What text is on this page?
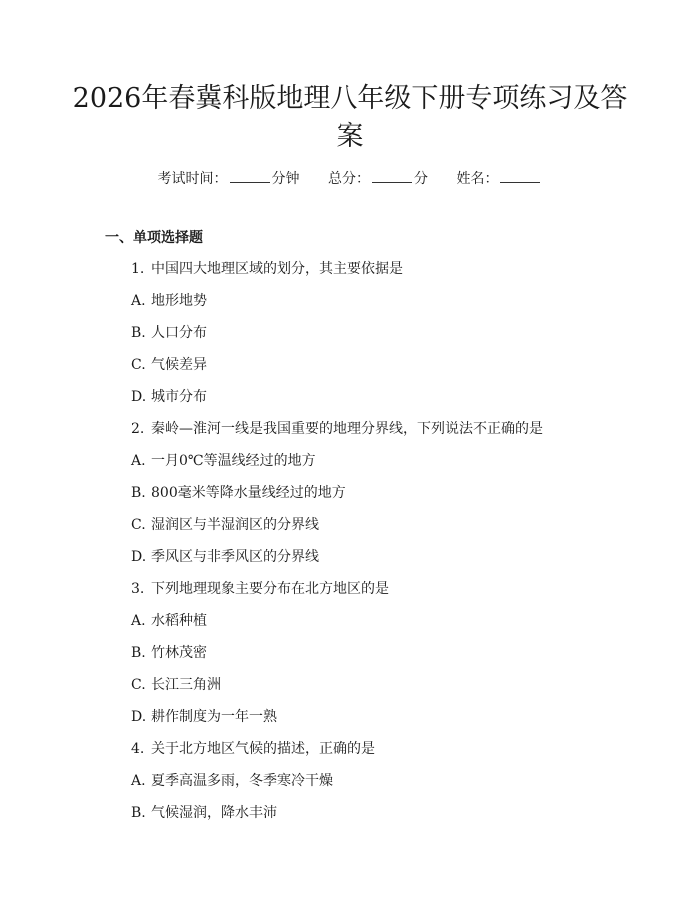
2026年春冀科版地理八年级下册专项练习及答案
考试时间：	分钟 总分：	分 姓名：
一、单项选择题
1. 中国四大地理区域的划分，其主要依据是
A. 地形地势
B. 人口分布
C. 气候差异
D. 城市分布
2. 秦岭—淮河一线是我国重要的地理分界线，下列说法不正确的是
A. 一月0℃等温线经过的地方
B. 800毫米等降水量线经过的地方
C. 湿润区与半湿润区的分界线
D. 季风区与非季风区的分界线
3. 下列地理现象主要分布在北方地区的是
A. 水稻种植
B. 竹林茂密
C. 长江三角洲
D. 耕作制度为一年一熟
4. 关于北方地区气候的描述，正确的是
A. 夏季高温多雨，冬季寒冷干燥
B. 气候湿润，降水丰沛
